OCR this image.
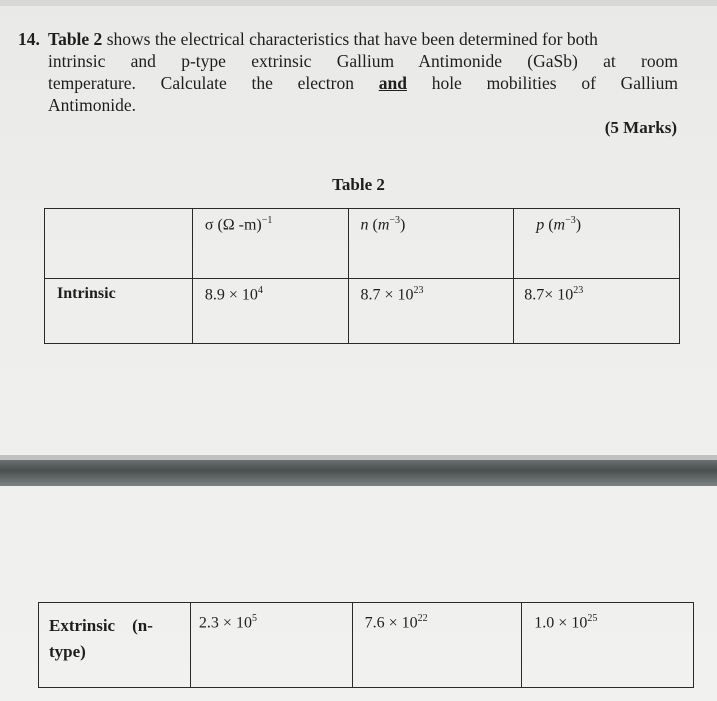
14. Table 2 shows the electrical characteristics that have been determined for both
intrinsic and p-type extrinsic Gallium Antimonide (GaSb) at room
temperature. Calculate the electron and hole mobilities of Gallium
Antimonide.
(5 Marks)
Table 2
	σ (Ω -m)$^{-1}$	n $(m^{-3})$	p $(m^{-3})$
Intrinsic	$8.9 \times 10^4$	$8.7 \times 10^{23}$	$8.7\times 10^{23}$
Extrinsic (n-
type)	$2.3 \times 10^5$	$7.6 \times 10^{22}$	$1.0 \times 10^{25}$
